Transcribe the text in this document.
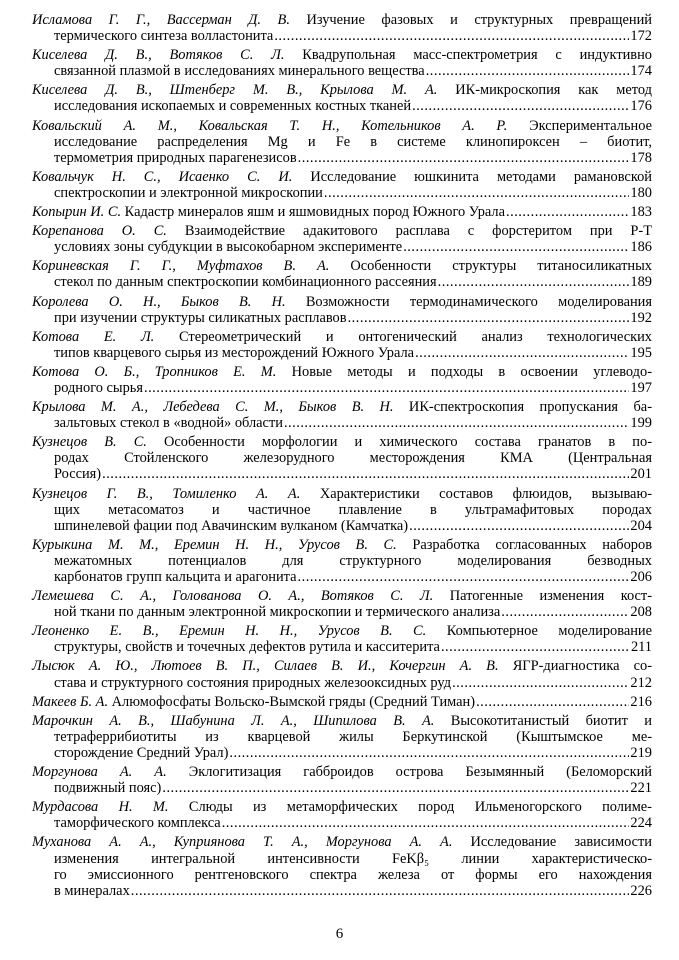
Исламова Г. Г., Вассерман Д. В. Изучение фазовых и структурных превращений
термического синтеза волластонита .....	172
Киселева Д. В., Вотяков С. Л. Квадрупольная масс-спектрометрия с индуктивно
связанной плазмой в исследованиях минерального вещества .....	174
Киселева Д. В., Штенберг М. В., Крылова М. А. ИК-микроскопия как метод
исследования ископаемых и современных костных тканей .....	176
Ковальский А. М., Ковальская Т. Н., Котельников А. Р. Экспериментальное
исследование распределения Mg и Fe в системе клинопироксен – биотит,
термометрия природных парагенезисов .....	178
Ковальчук Н. С., Исаенко С. И. Исследование юшкинита методами рамановской
спектроскопии и электронной микроскопии .....	180
Копырин И. С. Кадастр минералов яшм и яшмовидных пород Южного Урала .....	183
Корепанова О. С. Взаимодействие адакитового расплава с форстеритом при P-T
условиях зоны субдукции в высокобарном эксперименте .....	186
Кориневская Г. Г., Муфтахов В. А. Особенности структуры титаносиликатных
стекол по данным спектроскопии комбинационного рассеяния .....	189
Королева О. Н., Быков В. Н. Возможности термодинамического моделирования
при изучении структуры силикатных расплавов .....	192
Котова Е. Л. Стереометрический и онтогенический анализ технологических
типов кварцевого сырья из месторождений Южного Урала .....	195
Котова О. Б., Тропников Е. М. Новые методы и подходы в освоении углеводо-
родного сырья .....	197
Крылова М. А., Лебедева С. М., Быков В. Н. ИК-спектроскопия пропускания ба-
зальтовых стекол в «водной» области .....	199
Кузнецов В. С. Особенности морфологии и химического состава гранатов в по-
родах Стойленского железорудного месторождения КМА (Центральная
Россия) .....	201
Кузнецов Г. В., Томиленко А. А. Характеристики составов флюидов, вызываю-
щих метасоматоз и частичное плавление в ультрамафитовых породах
шпинелевой фации под Авачинским вулканом (Камчатка) .....	204
Курыкина М. М., Еремин Н. Н., Урусов В. С. Разработка согласованных наборов
межатомных потенциалов для структурного моделирования безводных
карбонатов групп кальцита и арагонита .....	206
Лемешева С. А., Голованова О. А., Вотяков С. Л. Патогенные изменения кост-
ной ткани по данным электронной микроскопии и термического анализа .....	208
Леоненко Е. В., Еремин Н. Н., Урусов В. С. Компьютерное моделирование
структуры, свойств и точечных дефектов рутила и касситерита .....	211
Лысюк А. Ю., Лютоев В. П., Силаев В. И., Кочергин А. В. ЯГР-диагностика со-
става и структурного состояния природных железооксидных руд .....	212
Макеев Б. А. Алюмофосфаты Вольско-Вымской гряды (Средний Тиман) .....	216
Марочкин А. В., Шабунина Л. А., Шипилова В. А. Высокотитанистый биотит и
тетраферрибиотиты из кварцевой жилы Беркутинской (Кыштымское ме-
сторождение Средний Урал) .....	219
Моргунова А. А. Эклогитизация габброидов острова Безымянный (Беломорский
подвижный пояс) .....	221
Мурдасова Н. М. Слюды из метаморфических пород Ильменогорского полиме-
таморфического комплекса .....	224
Муханова А. А., Куприянова Т. А., Моргунова А. А. Исследование зависимости
изменения интегральной интенсивности FeKβ₅ линии характеристическо-
го эмиссионного рентгеновского спектра железа от формы его нахождения
в минералах .....	226
6
